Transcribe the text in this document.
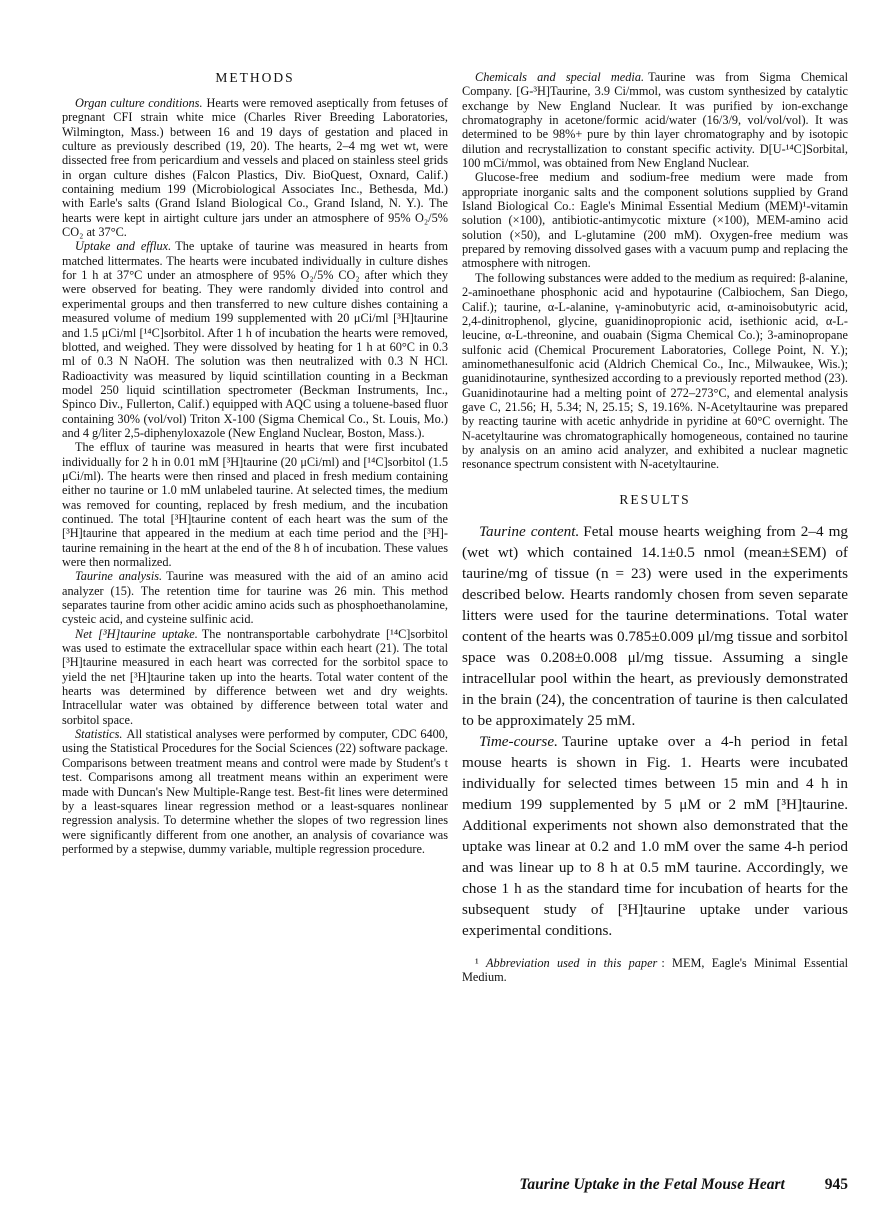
METHODS

Organ culture conditions. Hearts were removed aseptically from fetuses of pregnant CFI strain white mice (Charles River Breeding Laboratories, Wilmington, Mass.) between 16 and 19 days of gestation and placed in culture as previously described (19, 20). The hearts, 2–4 mg wet wt, were dissected free from pericardium and vessels and placed on stainless steel grids in organ culture dishes (Falcon Plastics, Div. BioQuest, Oxnard, Calif.) containing medium 199 (Microbiological Associates Inc., Bethesda, Md.) with Earle's salts (Grand Island Biological Co., Grand Island, N. Y.). The hearts were kept in airtight culture jars under an atmosphere of 95% O₂/5% CO₂ at 37°C.

Uptake and efflux. The uptake of taurine was measured in hearts from matched littermates. The hearts were incubated individually in culture dishes for 1 h at 37°C under an atmosphere of 95% O₂/5% CO₂ after which they were observed for beating. They were randomly divided into control and experimental groups and then transferred to new culture dishes containing a measured volume of medium 199 supplemented with 20 μCi/ml [³H]taurine and 1.5 μCi/ml [¹⁴C]sorbitol. After 1 h of incubation the hearts were removed, blotted, and weighed. They were dissolved by heating for 1 h at 60°C in 0.3 ml of 0.3 N NaOH. The solution was then neutralized with 0.3 N HCl. Radioactivity was measured by liquid scintillation counting in a Beckman model 250 liquid scintillation spectrometer (Beckman Instruments, Inc., Spinco Div., Fullerton, Calif.) equipped with AQC using a toluene-based fluor containing 30% (vol/vol) Triton X-100 (Sigma Chemical Co., St. Louis, Mo.) and 4 g/liter 2,5-diphenyloxazole (New England Nuclear, Boston, Mass.).

The efflux of taurine was measured in hearts that were first incubated individually for 2 h in 0.01 mM [³H]taurine (20 μCi/ml) and [¹⁴C]sorbitol (1.5 μCi/ml). The hearts were then rinsed and placed in fresh medium containing either no taurine or 1.0 mM unlabeled taurine. At selected times, the medium was removed for counting, replaced by fresh medium, and the incubation continued. The total [³H]taurine content of each heart was the sum of the [³H]taurine that appeared in the medium at each time period and the [³H]-taurine remaining in the heart at the end of the 8 h of incubation. These values were then normalized.

Taurine analysis. Taurine was measured with the aid of an amino acid analyzer (15). The retention time for taurine was 26 min. This method separates taurine from other acidic amino acids such as phosphoethanolamine, cysteic acid, and cysteine sulfinic acid.

Net [³H]taurine uptake. The nontransportable carbohydrate [¹⁴C]sorbitol was used to estimate the extracellular space within each heart (21). The total [³H]taurine measured in each heart was corrected for the sorbitol space to yield the net [³H]taurine taken up into the hearts. Total water content of the hearts was determined by difference between wet and dry weights. Intracellular water was obtained by difference between total water and sorbitol space.

Statistics. All statistical analyses were performed by computer, CDC 6400, using the Statistical Procedures for the Social Sciences (22) software package. Comparisons between treatment means and control were made by Student's t test. Comparisons among all treatment means within an experiment were made with Duncan's New Multiple-Range test. Best-fit lines were determined by a least-squares linear regression method or a least-squares nonlinear regression analysis. To determine whether the slopes of two regression lines were significantly different from one another, an analysis of covariance was performed by a stepwise, dummy variable, multiple regression procedure.

Chemicals and special media. Taurine was from Sigma Chemical Company. [G-³H]Taurine, 3.9 Ci/mmol, was custom synthesized by catalytic exchange by New England Nuclear. It was purified by ion-exchange chromatography in acetone/formic acid/water (16/3/9, vol/vol/vol). It was determined to be 98%+ pure by thin layer chromatography and by isotopic dilution and recrystallization to constant specific activity. D[U-¹⁴C]Sorbital, 100 mCi/mmol, was obtained from New England Nuclear.

Glucose-free medium and sodium-free medium were made from appropriate inorganic salts and the component solutions supplied by Grand Island Biological Co.: Eagle's Minimal Essential Medium (MEM)¹-vitamin solution (×100), antibiotic-antimycotic mixture (×100), MEM-amino acid solution (×50), and L-glutamine (200 mM). Oxygen-free medium was prepared by removing dissolved gases with a vacuum pump and replacing the atmosphere with nitrogen.

The following substances were added to the medium as required: β-alanine, 2-aminoethane phosphonic acid and hypotaurine (Calbiochem, San Diego, Calif.); taurine, α-L-alanine, γ-aminobutyric acid, α-aminoisobutyric acid, 2,4-dinitrophenol, glycine, guanidinopropionic acid, isethionic acid, α-L-leucine, α-L-threonine, and ouabain (Sigma Chemical Co.); 3-aminopropane sulfonic acid (Chemical Procurement Laboratories, College Point, N. Y.); aminomethanesulfonic acid (Aldrich Chemical Co., Inc., Milwaukee, Wis.); guanidinotaurine, synthesized according to a previously reported method (23). Guanidinotaurine had a melting point of 272–273°C, and elemental analysis gave C, 21.56; H, 5.34; N, 25.15; S, 19.16%. N-Acetyltaurine was prepared by reacting taurine with acetic anhydride in pyridine at 60°C overnight. The N-acetyltaurine was chromatographically homogeneous, contained no taurine by analysis on an amino acid analyzer, and exhibited a nuclear magnetic resonance spectrum consistent with N-acetyltaurine.

RESULTS

Taurine content. Fetal mouse hearts weighing from 2–4 mg (wet wt) which contained 14.1±0.5 nmol (mean±SEM) of taurine/mg of tissue (n = 23) were used in the experiments described below. Hearts randomly chosen from seven separate litters were used for the taurine determinations. Total water content of the hearts was 0.785±0.009 μl/mg tissue and sorbitol space was 0.208±0.008 μl/mg tissue. Assuming a single intracellular pool within the heart, as previously demonstrated in the brain (24), the concentration of taurine is then calculated to be approximately 25 mM.

Time-course. Taurine uptake over a 4-h period in fetal mouse hearts is shown in Fig. 1. Hearts were incubated individually for selected times between 15 min and 4 h in medium 199 supplemented by 5 μM or 2 mM [³H]taurine. Additional experiments not shown also demonstrated that the uptake was linear at 0.2 and 1.0 mM over the same 4-h period and was linear up to 8 h at 0.5 mM taurine. Accordingly, we chose 1 h as the standard time for incubation of hearts for the subsequent study of [³H]taurine uptake under various experimental conditions.

¹ Abbreviation used in this paper : MEM, Eagle's Minimal Essential Medium.
Taurine Uptake in the Fetal Mouse Heart	945
